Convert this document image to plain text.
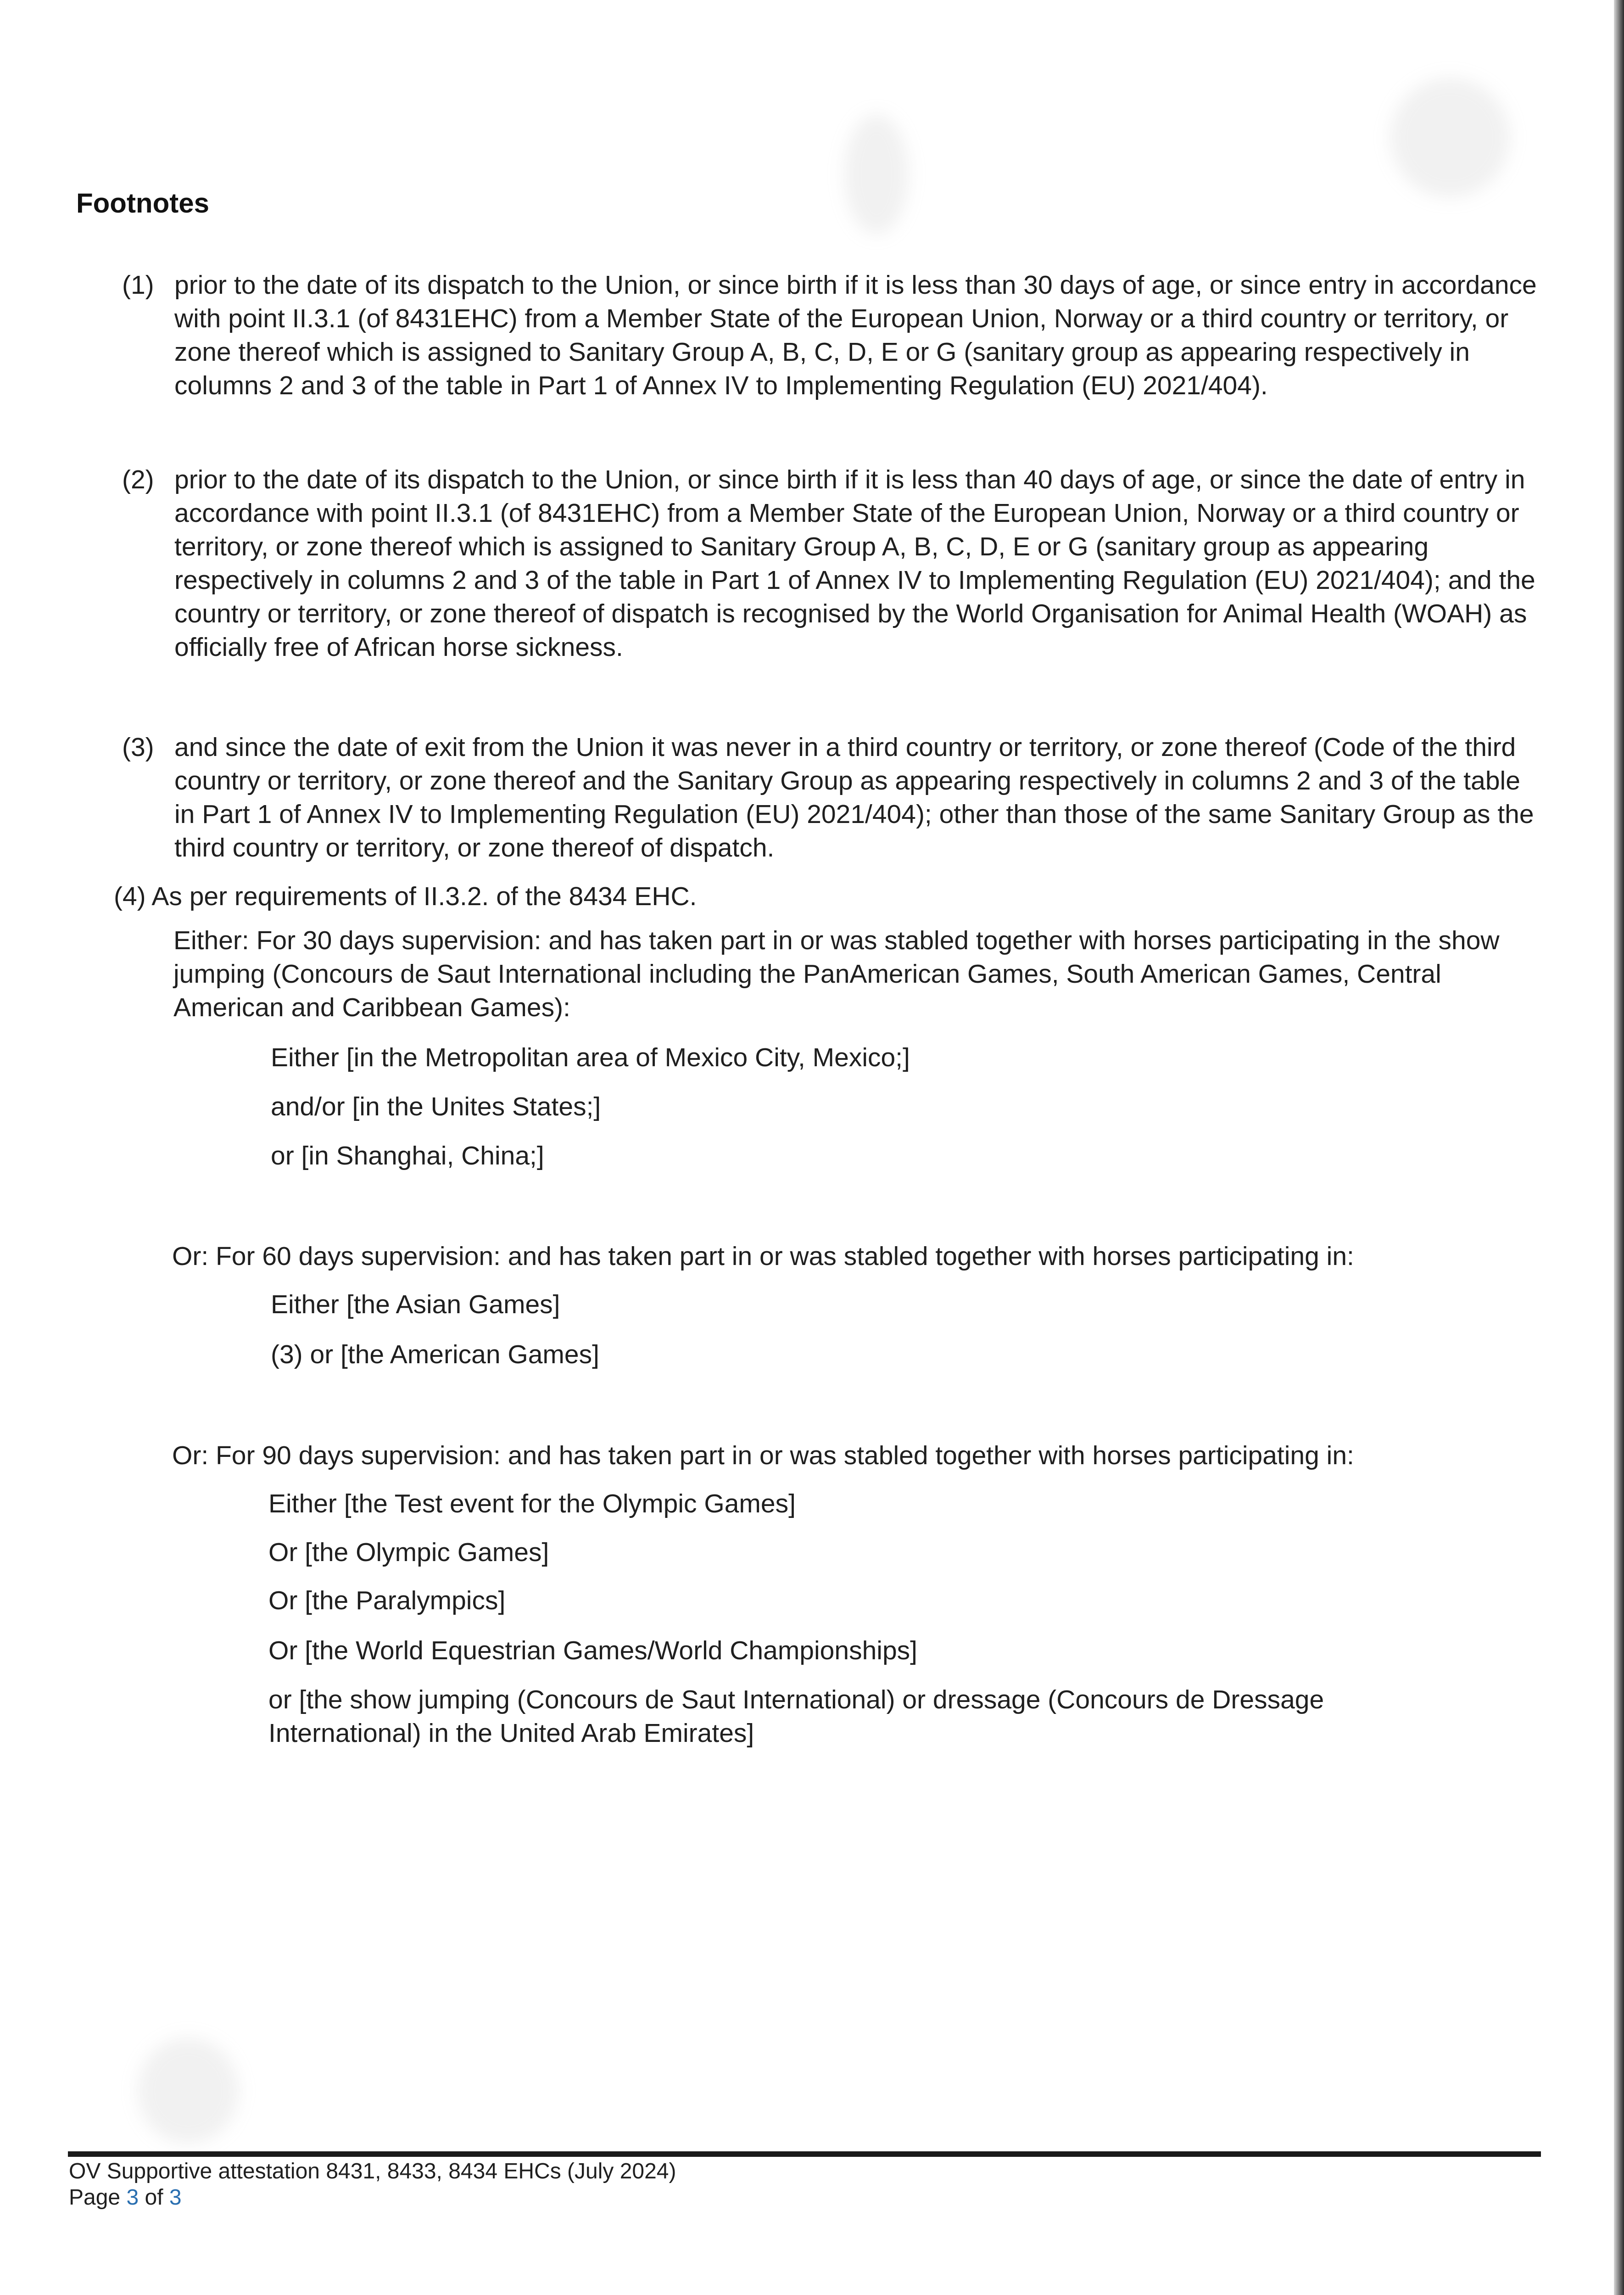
Footnotes
(1) prior to the date of its dispatch to the Union, or since birth if it is less than 30 days of age, or since entry in accordance with point II.3.1 (of 8431EHC) from a Member State of the European Union, Norway or a third country or territory, or zone thereof which is assigned to Sanitary Group A, B, C, D, E or G (sanitary group as appearing respectively in columns 2 and 3 of the table in Part 1 of Annex IV to Implementing Regulation (EU) 2021/404).
(2) prior to the date of its dispatch to the Union, or since birth if it is less than 40 days of age, or since the date of entry in accordance with point II.3.1 (of 8431EHC) from a Member State of the European Union, Norway or a third country or territory, or zone thereof which is assigned to Sanitary Group A, B, C, D, E or G (sanitary group as appearing respectively in columns 2 and 3 of the table in Part 1 of Annex IV to Implementing Regulation (EU) 2021/404); and the country or territory, or zone thereof of dispatch is recognised by the World Organisation for Animal Health (WOAH) as officially free of African horse sickness.
(3) and since the date of exit from the Union it was never in a third country or territory, or zone thereof (Code of the third country or territory, or zone thereof and the Sanitary Group as appearing respectively in columns 2 and 3 of the table in Part 1 of Annex IV to Implementing Regulation (EU) 2021/404); other than those of the same Sanitary Group as the third country or territory, or zone thereof of dispatch.
(4) As per requirements of II.3.2. of the 8434 EHC.
Either: For 30 days supervision: and has taken part in or was stabled together with horses participating in the show jumping (Concours de Saut International including the PanAmerican Games, South American Games, Central American and Caribbean Games):
Either [in the Metropolitan area of Mexico City, Mexico;]
and/or [in the Unites States;]
or [in Shanghai, China;]
Or: For 60 days supervision: and has taken part in or was stabled together with horses participating in:
Either [the Asian Games]
(3) or [the American Games]
Or: For 90 days supervision: and has taken part in or was stabled together with horses participating in:
Either [the Test event for the Olympic Games]
Or [the Olympic Games]
Or [the Paralympics]
Or [the World Equestrian Games/World Championships]
or [the show jumping (Concours de Saut International) or dressage (Concours de Dressage International) in the United Arab Emirates]
OV Supportive attestation 8431, 8433, 8434 EHCs (July 2024)
Page 3 of 3
